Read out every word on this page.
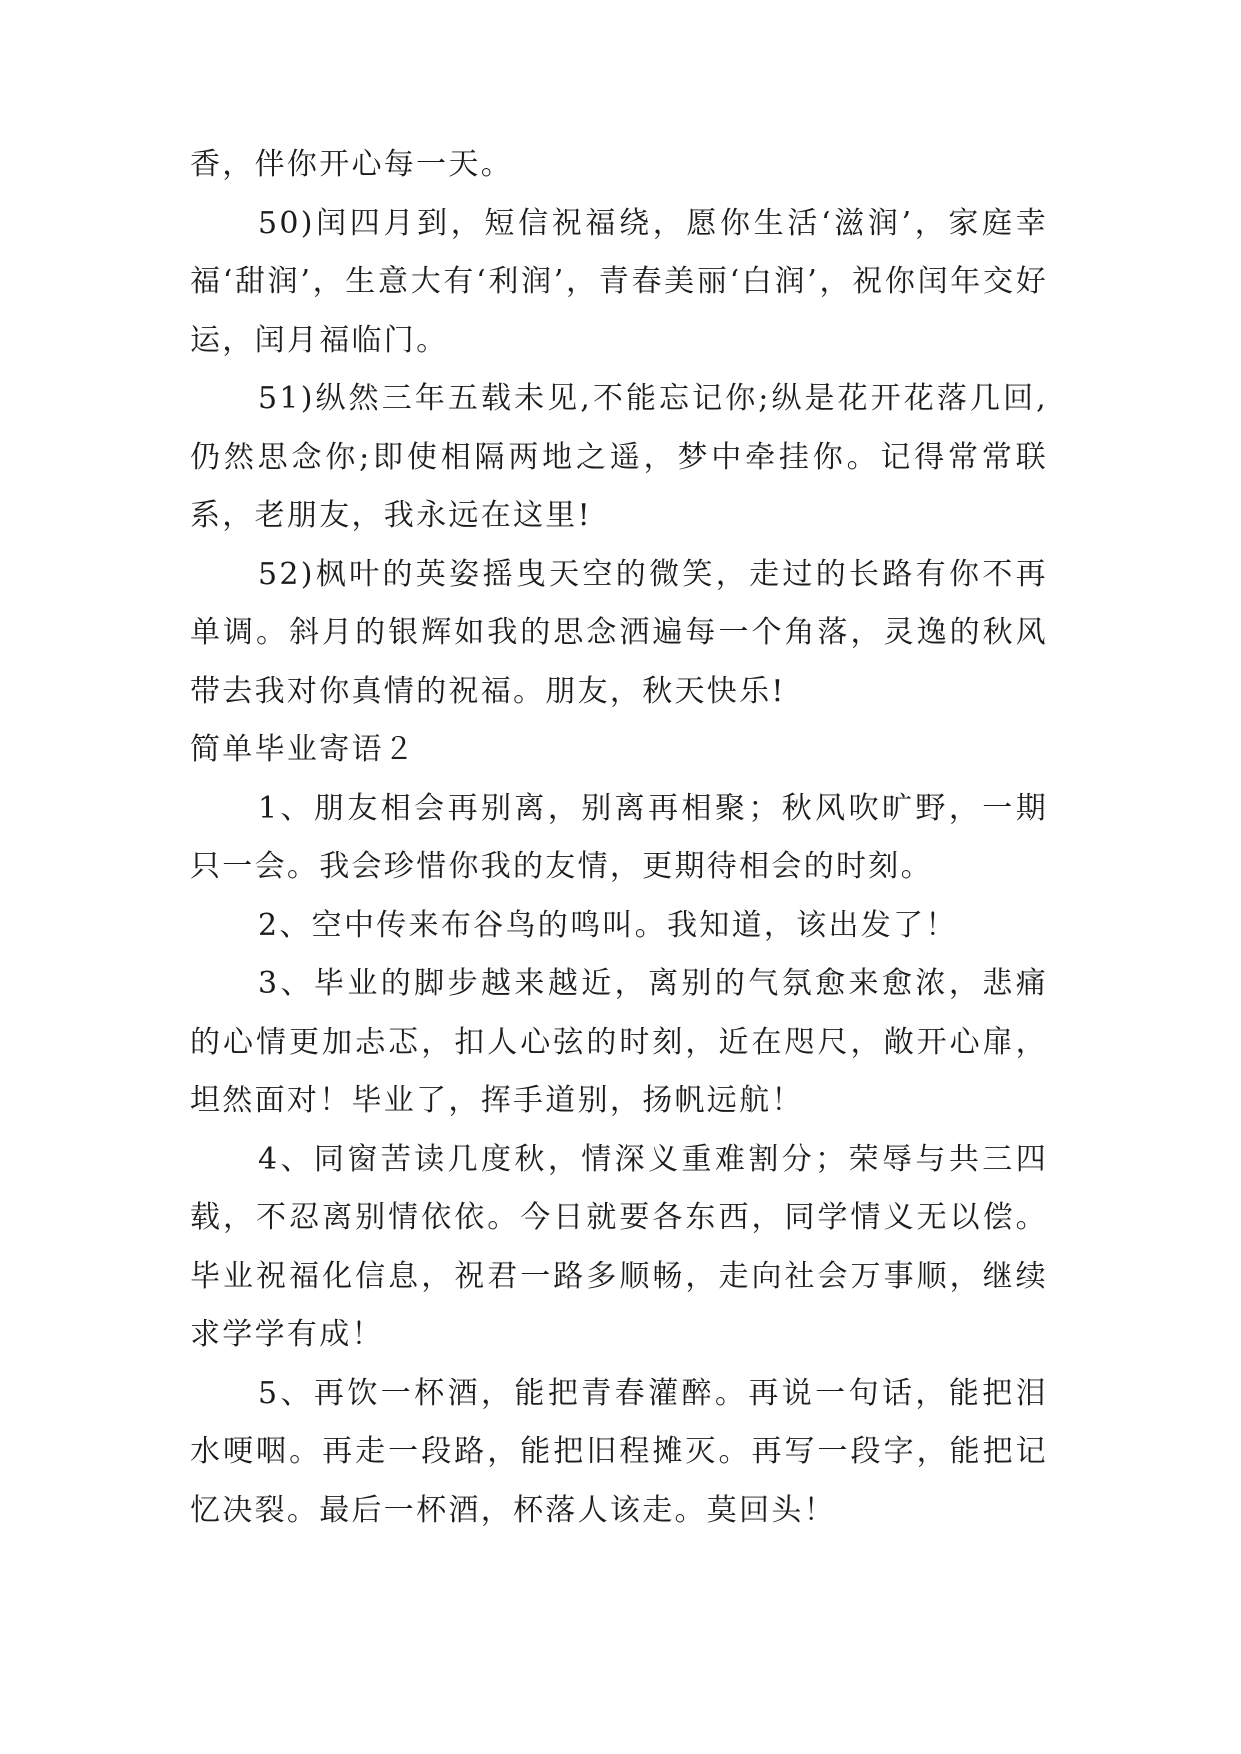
香，伴你开心每一天。

50)闰四月到，短信祝福绕，愿你生活‘滋润’，家庭幸福‘甜润’，生意大有‘利润’，青春美丽‘白润’，祝你闰年交好运，闰月福临门。

51)纵然三年五载未见,不能忘记你;纵是花开花落几回,仍然思念你;即使相隔两地之遥，梦中牵挂你。记得常常联系，老朋友，我永远在这里!

52)枫叶的英姿摇曳天空的微笑，走过的长路有你不再单调。斜月的银辉如我的思念洒遍每一个角落，灵逸的秋风带去我对你真情的祝福。朋友，秋天快乐!

简单毕业寄语２

1、朋友相会再别离，别离再相聚；秋风吹旷野，一期只一会。我会珍惜你我的友情，更期待相会的时刻。

2、空中传来布谷鸟的鸣叫。我知道，该出发了！

3、毕业的脚步越来越近，离别的气氛愈来愈浓，悲痛的心情更加忐忑，扣人心弦的时刻，近在咫尺，敞开心扉，坦然面对！毕业了，挥手道别，扬帆远航！

4、同窗苦读几度秋，情深义重难割分；荣辱与共三四载，不忍离别情依依。今日就要各东西，同学情义无以偿。毕业祝福化信息，祝君一路多顺畅，走向社会万事顺，继续求学学有成！

5、再饮一杯酒，能把青春灌醉。再说一句话，能把泪水哽咽。再走一段路，能把旧程摊灭。再写一段字，能把记忆决裂。最后一杯酒，杯落人该走。莫回头！
